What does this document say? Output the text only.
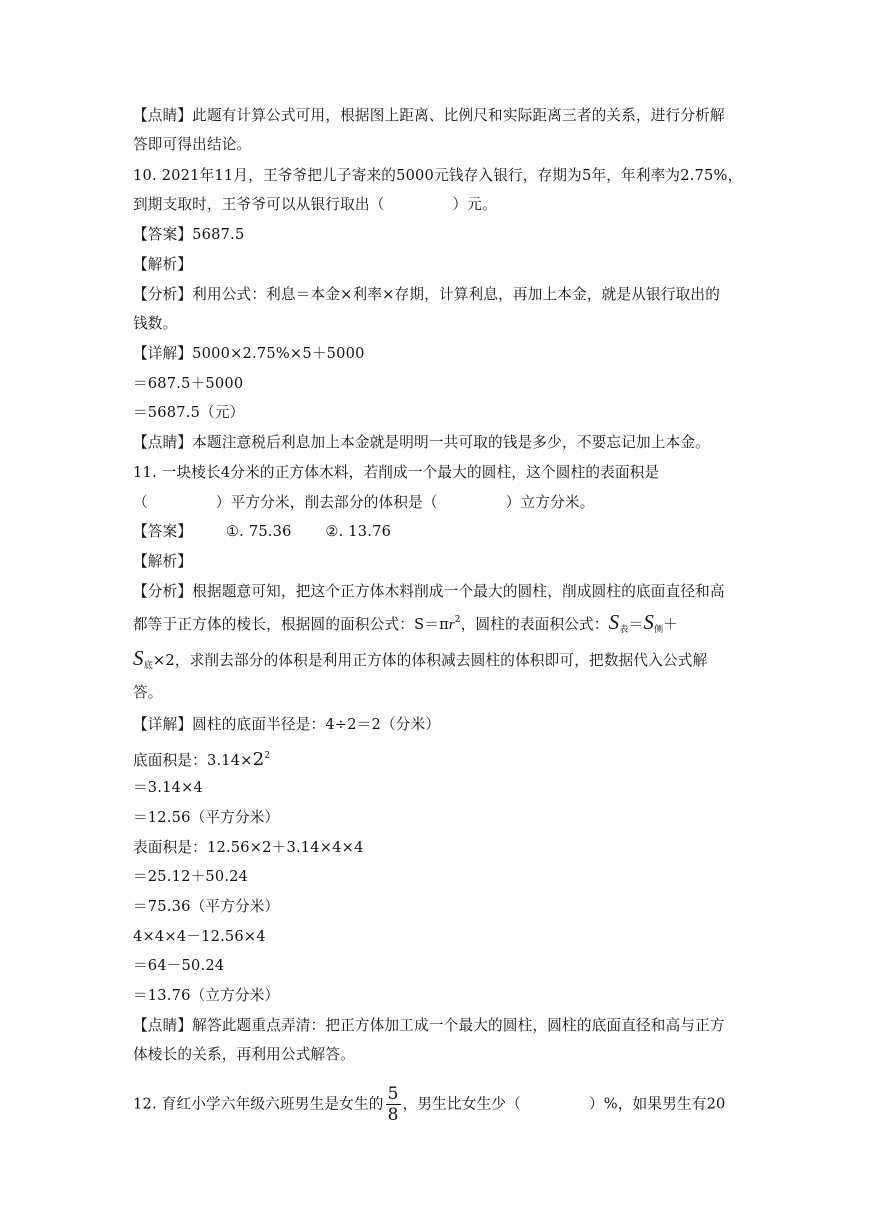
【点睛】此题有计算公式可用，根据图上距离、比例尺和实际距离三者的关系，进行分析解
答即可得出结论。
10. 2021年11月，王爷爷把儿子寄来的5000元钱存入银行，存期为5年，年利率为2.75%，
到期支取时，王爷爷可以从银行取出（	）元。
【答案】5687.5
【解析】
【分析】利用公式：利息＝本金×利率×存期，计算利息，再加上本金，就是从银行取出的
钱数。
【详解】5000×2.75%×5＋5000
＝687.5＋5000
＝5687.5（元）
【点睛】本题注意税后利息加上本金就是明明一共可取的钱是多少，不要忘记加上本金。
11. 一块棱长4分米的正方体木料，若削成一个最大的圆柱，这个圆柱的表面积是
（	）平方分米，削去部分的体积是（	）立方分米。
【答案】 ①. 75.36 ②. 13.76
【解析】
【分析】根据题意可知，把这个正方体木料削成一个最大的圆柱，削成圆柱的底面直径和高
都等于正方体的棱长，根据圆的面积公式：$S=\pi r^2$，圆柱的表面积公式：$S_表=S_侧+$
$S_底\times 2$，求削去部分的体积是利用正方体的体积减去圆柱的体积即可，把数据代入公式解
答。
【详解】圆柱的底面半径是：4÷2＝2（分米）
底面积是：$3.14\times 2^2$
＝3.14×4
＝12.56（平方分米）
表面积是：12.56×2＋3.14×4×4
＝25.12＋50.24
＝75.36（平方分米）
4×4×4－12.56×4
＝64－50.24
＝13.76（立方分米）
【点睛】解答此题重点弄清：把正方体加工成一个最大的圆柱，圆柱的底面直径和高与正方
体棱长的关系，再利用公式解答。
12. 育红小学六年级六班男生是女生的 $\frac{5}{8}$ ，男生比女生少（	）%，如果男生有20
